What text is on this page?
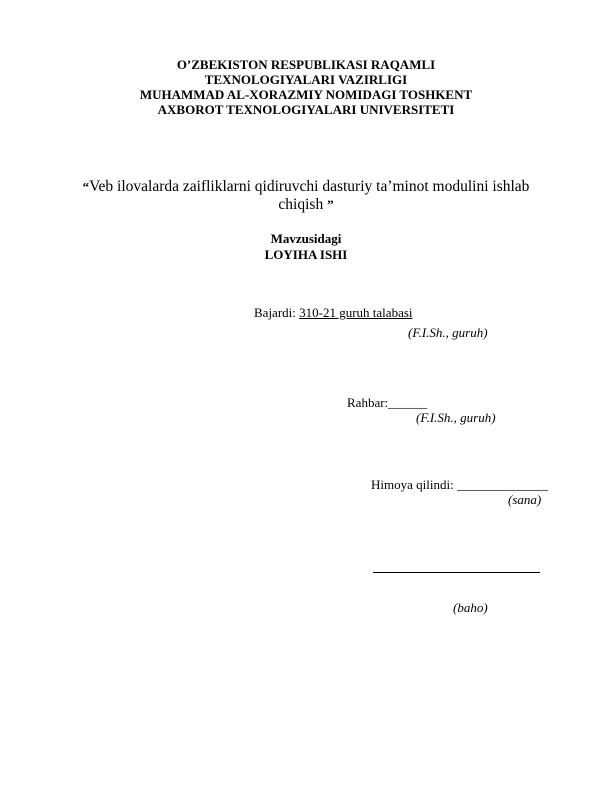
O’ZBEKISTON RESPUBLIKASI RAQAMLI
TEXNOLOGIYALARI VAZIRLIGI
MUHAMMAD AL-XORAZMIY NOMIDAGI TOSHKENT
AXBOROT TEXNOLOGIYALARI UNIVERSITETI
“Veb ilovalarda zaifliklarni qidiruvchi dasturiy ta’minot modulini ishlab chiqish ”
Mavzusidagi
LOYIHA ISHI
Bajardi: 310-21 guruh talabasi
(F.I.Sh., guruh)
Rahbar:______
(F.I.Sh., guruh)
Himoya qilindi: ______________
(sana)
(baho)
